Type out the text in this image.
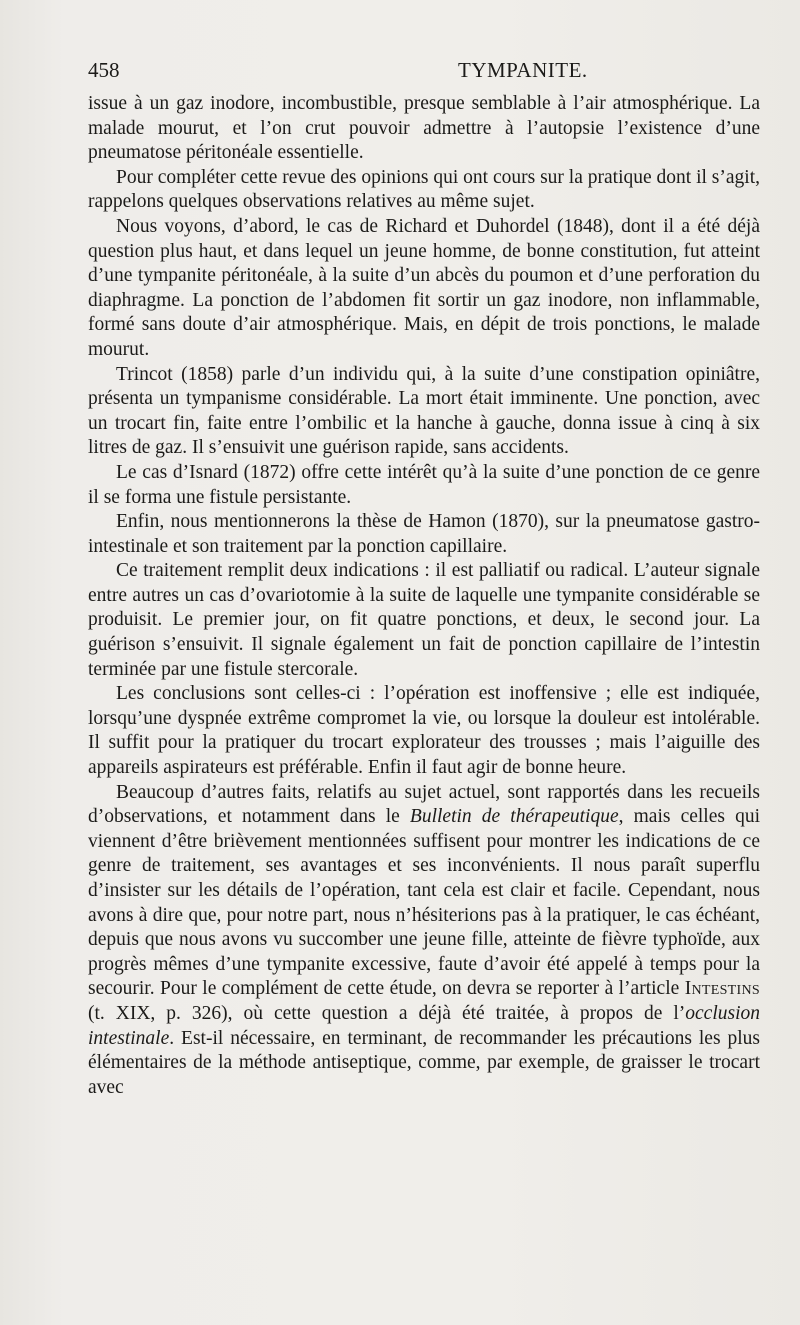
458	TYMPANITE.

issue à un gaz inodore, incombustible, presque semblable à l’air atmosphérique. La malade mourut, et l’on crut pouvoir admettre à l’autopsie l’existence d’une pneumatose péritonéale essentielle.

Pour compléter cette revue des opinions qui ont cours sur la pratique dont il s’agit, rappelons quelques observations relatives au même sujet.

Nous voyons, d’abord, le cas de Richard et Duhordel (1848), dont il a été déjà question plus haut, et dans lequel un jeune homme, de bonne constitution, fut atteint d’une tympanite péritonéale, à la suite d’un abcès du poumon et d’une perforation du diaphragme. La ponction de l’abdomen fit sortir un gaz inodore, non inflammable, formé sans doute d’air atmosphérique. Mais, en dépit de trois ponctions, le malade mourut.

Trincot (1858) parle d’un individu qui, à la suite d’une constipation opiniâtre, présenta un tympanisme considérable. La mort était imminente. Une ponction, avec un trocart fin, faite entre l’ombilic et la hanche à gauche, donna issue à cinq à six litres de gaz. Il s’ensuivit une guérison rapide, sans accidents.

Le cas d’Isnard (1872) offre cette intérêt qu’à la suite d’une ponction de ce genre il se forma une fistule persistante.

Enfin, nous mentionnerons la thèse de Hamon (1870), sur la pneumatose gastro-intestinale et son traitement par la ponction capillaire.

Ce traitement remplit deux indications : il est palliatif ou radical. L’auteur signale entre autres un cas d’ovariotomie à la suite de laquelle une tympanite considérable se produisit. Le premier jour, on fit quatre ponctions, et deux, le second jour. La guérison s’ensuivit. Il signale également un fait de ponction capillaire de l’intestin terminée par une fistule stercorale.

Les conclusions sont celles-ci : l’opération est inoffensive ; elle est indiquée, lorsqu’une dyspnée extrême compromet la vie, ou lorsque la douleur est intolérable. Il suffit pour la pratiquer du trocart explorateur des trousses ; mais l’aiguille des appareils aspirateurs est préférable. Enfin il faut agir de bonne heure.

Beaucoup d’autres faits, relatifs au sujet actuel, sont rapportés dans les recueils d’observations, et notamment dans le Bulletin de thérapeutique, mais celles qui viennent d’être brièvement mentionnées suffisent pour montrer les indications de ce genre de traitement, ses avantages et ses inconvénients. Il nous paraît superflu d’insister sur les détails de l’opération, tant cela est clair et facile. Cependant, nous avons à dire que, pour notre part, nous n’hésiterions pas à la pratiquer, le cas échéant, depuis que nous avons vu succomber une jeune fille, atteinte de fièvre typhoïde, aux progrès mêmes d’une tympanite excessive, faute d’avoir été appelé à temps pour la secourir. Pour le complément de cette étude, on devra se reporter à l’article Intestins (t. XIX, p. 326), où cette question a déjà été traitée, à propos de l’occlusion intestinale. Est-il nécessaire, en terminant, de recommander les précautions les plus élémentaires de la méthode antiseptique, comme, par exemple, de graisser le trocart avec
